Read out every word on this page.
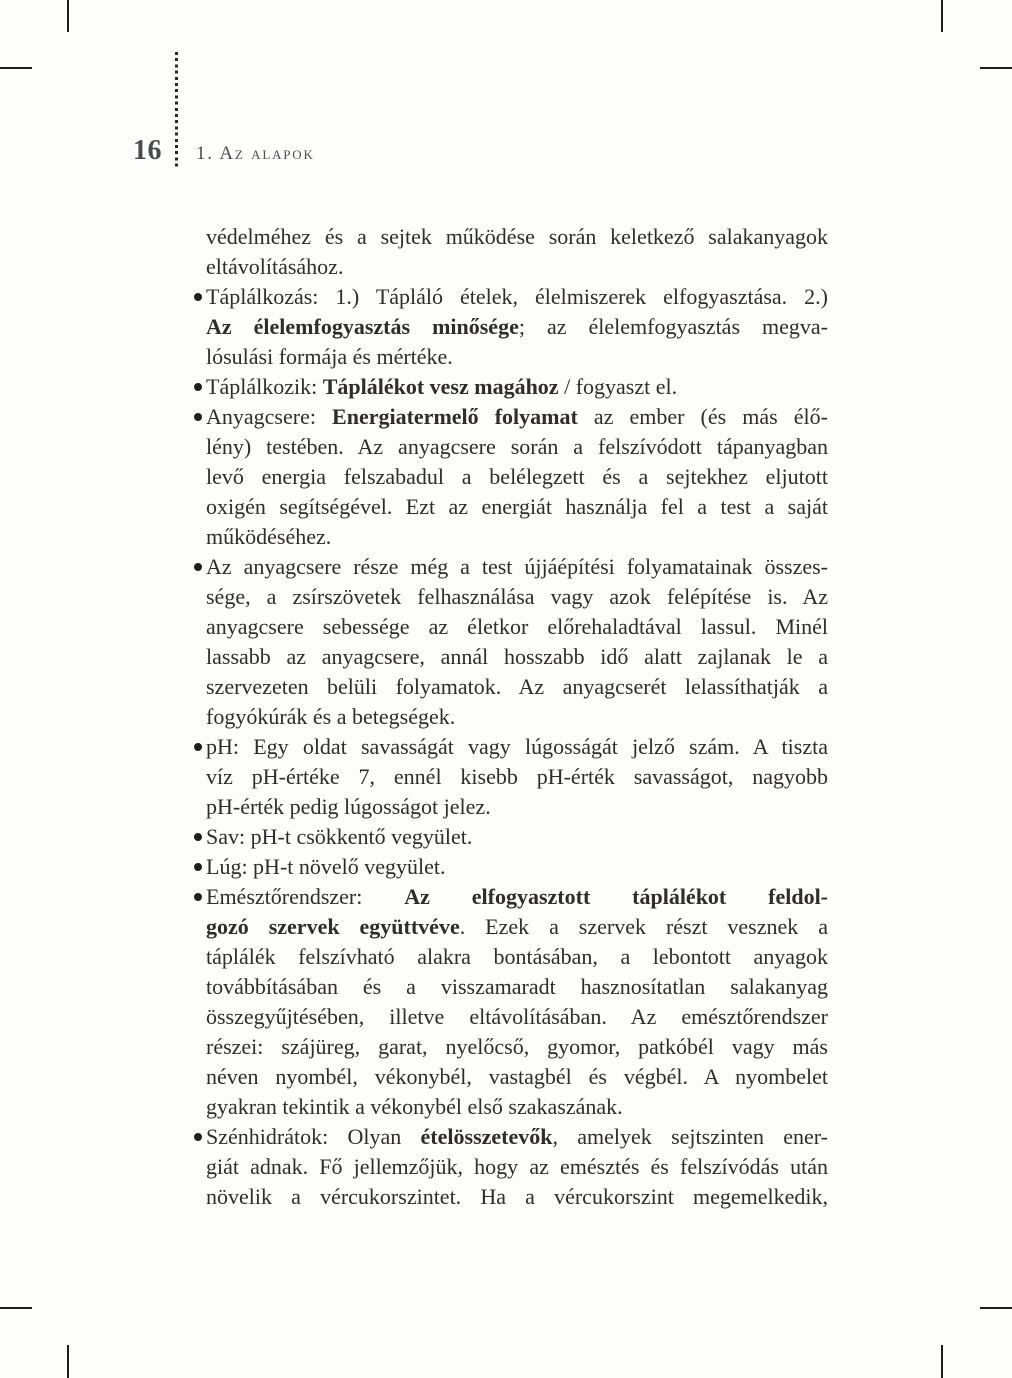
16 1. Az alapok
védelméhez és a sejtek működése során keletkező salakanyagok
eltávolításához.
Táplálkozás: 1.) Tápláló ételek, élelmiszerek elfogyasztása. 2.)
Az élelemfogyasztás minősége; az élelemfogyasztás megva-
lósulási formája és mértéke.
Táplálkozik: Táplálékot vesz magához / fogyaszt el.
Anyagcsere: Energiatermelő folyamat az ember (és más élő-
lény) testében. Az anyagcsere során a felszívódott tápanyagban
levő energia felszabadul a belélegzett és a sejtekhez eljutott
oxigén segítségével. Ezt az energiát használja fel a test a saját
működéséhez.
Az anyagcsere része még a test újjáépítési folyamatainak összes-
sége, a zsírszövetek felhasználása vagy azok felépítése is. Az
anyagcsere sebessége az életkor előrehaladtával lassul. Minél
lassabb az anyagcsere, annál hosszabb idő alatt zajlanak le a
szervezeten belüli folyamatok. Az anyagcserét lelassíthatják a
fogyókúrák és a betegségek.
pH: Egy oldat savasságát vagy lúgosságát jelző szám. A tiszta
víz pH-értéke 7, ennél kisebb pH-érték savasságot, nagyobb
pH-érték pedig lúgosságot jelez.
Sav: pH-t csökkentő vegyület.
Lúg: pH-t növelő vegyület.
Emésztőrendszer: Az elfogyasztott táplálékot feldol-
gozó szervek együttvéve. Ezek a szervek részt vesznek a
táplálék felszívható alakra bontásában, a lebontott anyagok
továbbításában és a visszamaradt hasznosítatlan salakanyag
összegyűjtésében, illetve eltávolításában. Az emésztőrendszer
részei: szájüreg, garat, nyelőcső, gyomor, patkóbél vagy más
néven nyombél, vékonybél, vastagbél és végbél. A nyombelet
gyakran tekintik a vékonybél első szakaszának.
Szénhidrátok: Olyan ételösszetevők, amelyek sejtszinten ener-
giát adnak. Fő jellemzőjük, hogy az emésztés és felszívódás után
növelik a vércukorszintet. Ha a vércukorszint megemelkedik,
